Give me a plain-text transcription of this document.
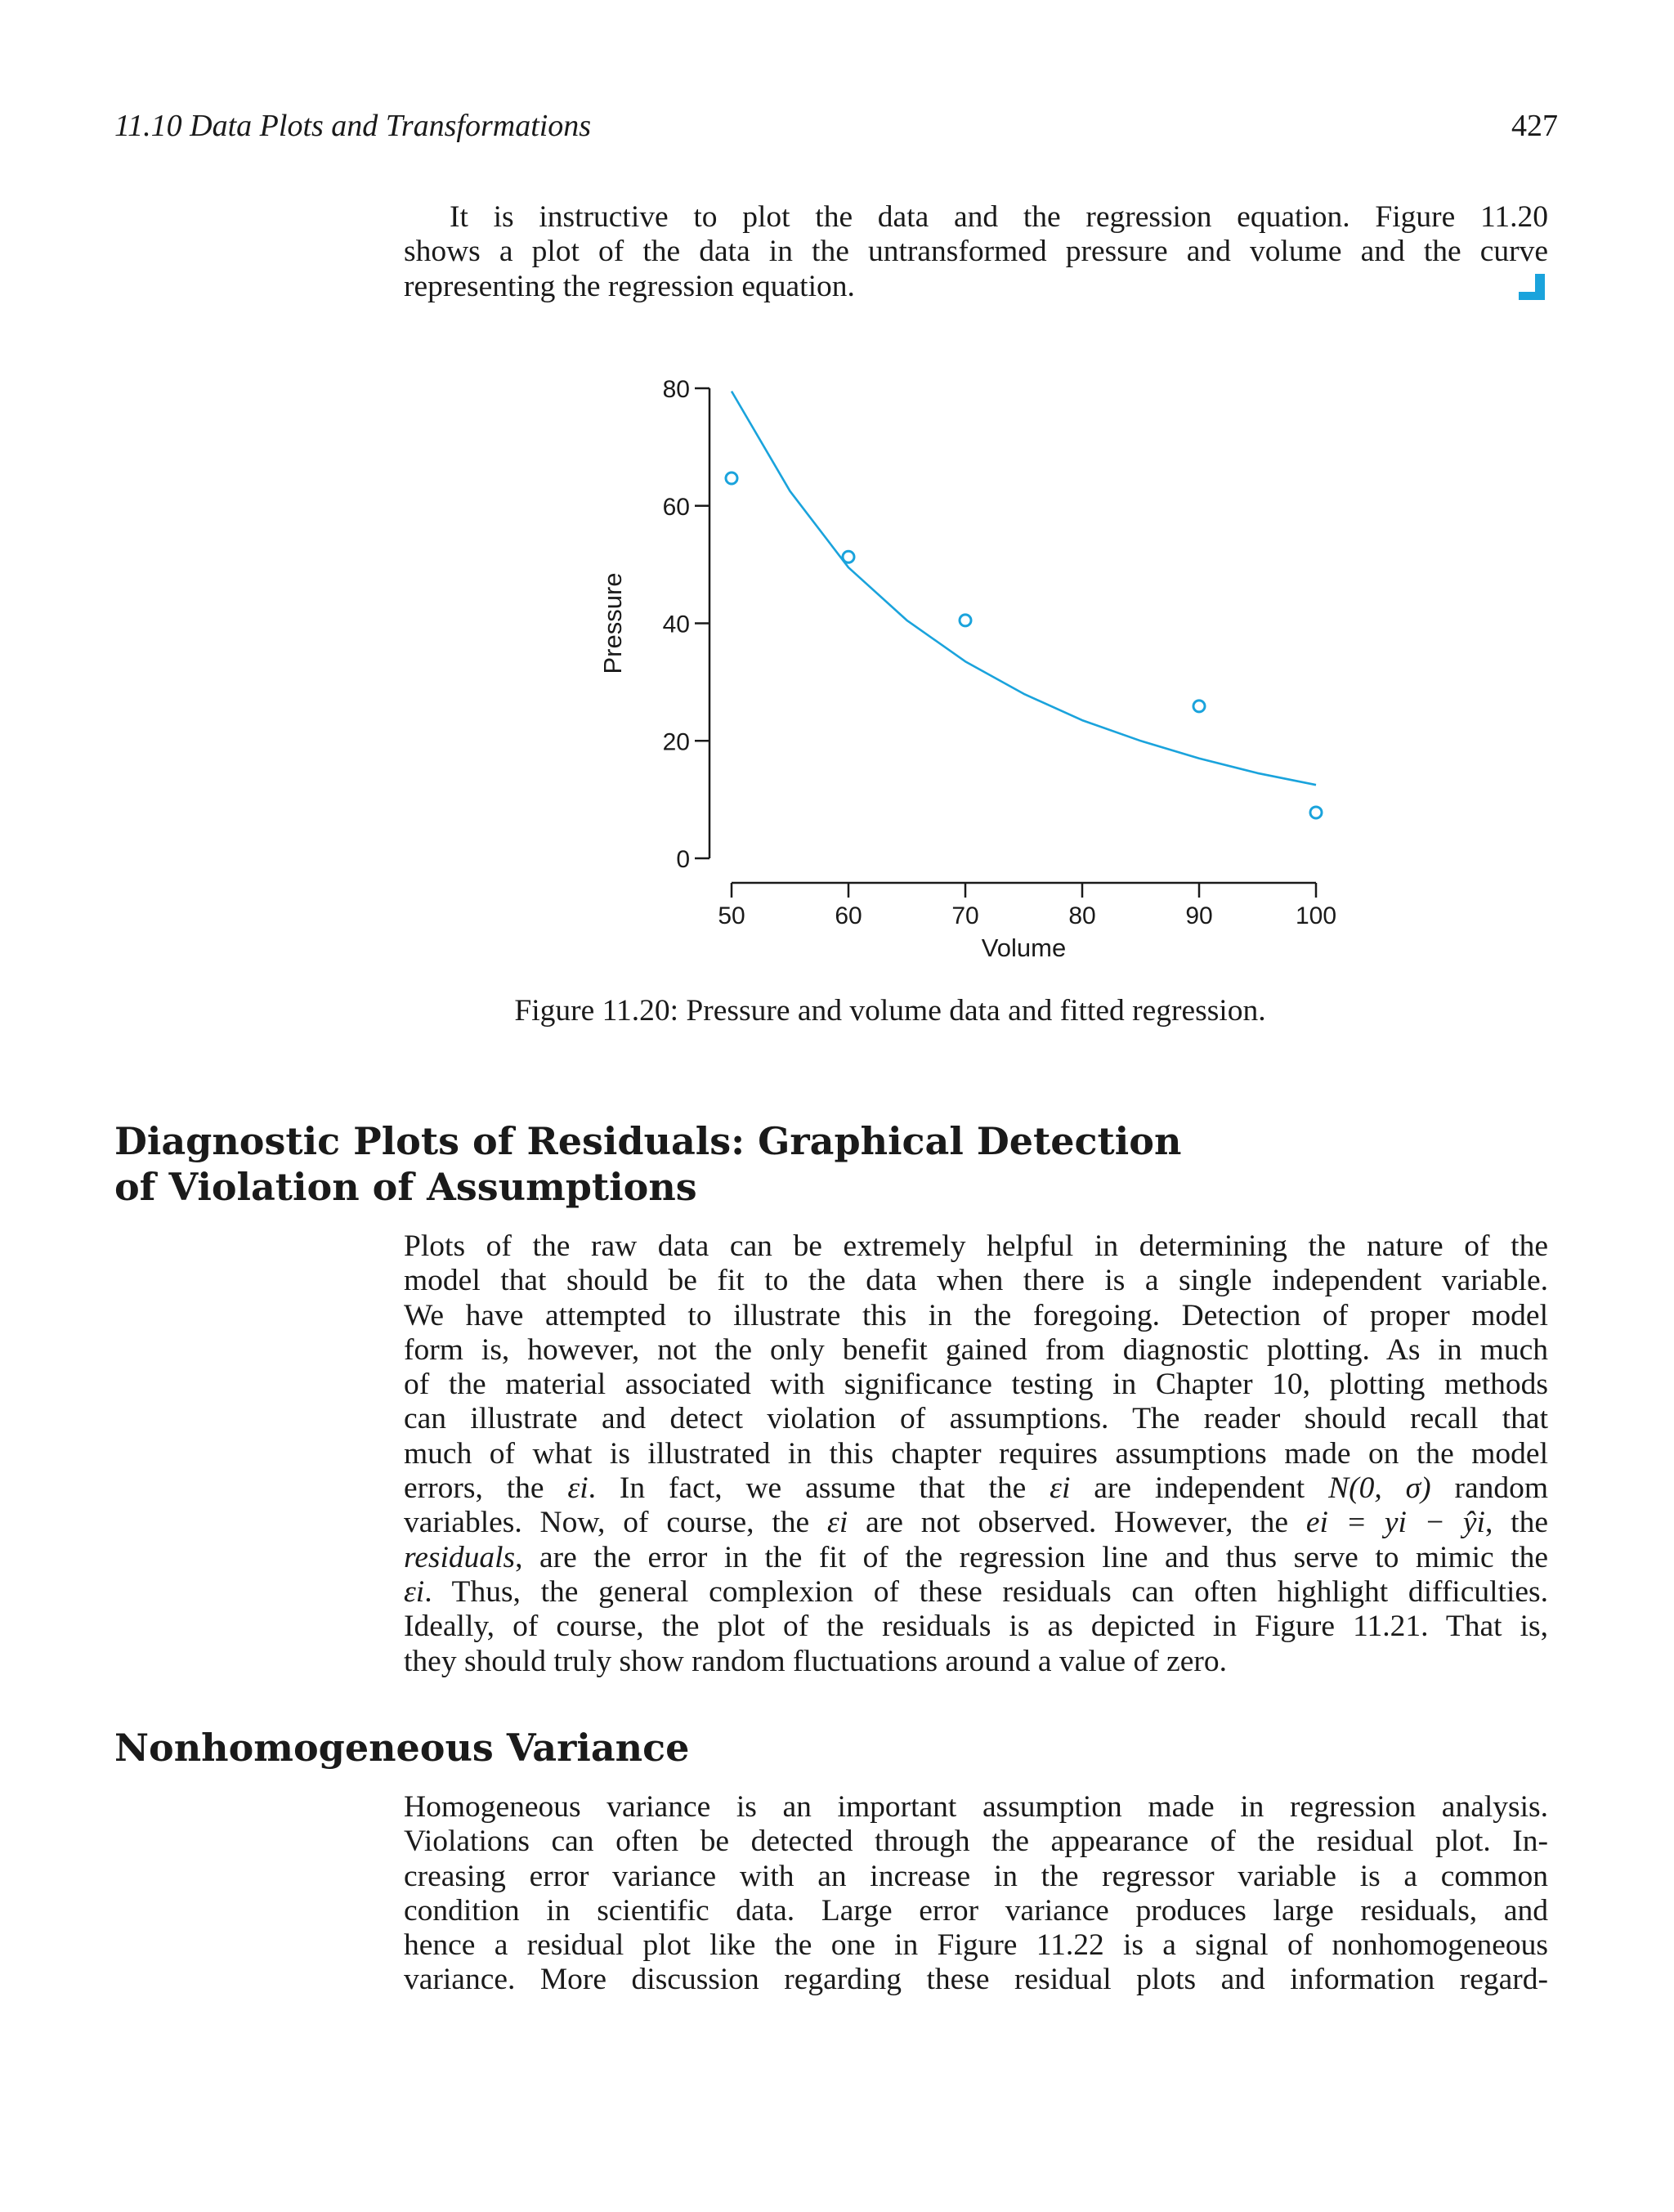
11.10 Data Plots and Transformations	427
It is instructive to plot the data and the regression equation. Figure 11.20
shows a plot of the data in the untransformed pressure and volume and the curve
representing the regression equation.
0
20
40
60
80
50	60	70	80	90	100
Volume
Pressure
Figure 11.20: Pressure and volume data and fitted regression.
Diagnostic Plots of Residuals: Graphical Detection
of Violation of Assumptions
Plots of the raw data can be extremely helpful in determining the nature of the
model that should be fit to the data when there is a single independent variable.
We have attempted to illustrate this in the foregoing. Detection of proper model
form is, however, not the only benefit gained from diagnostic plotting. As in much
of the material associated with significance testing in Chapter 10, plotting methods
can illustrate and detect violation of assumptions. The reader should recall that
much of what is illustrated in this chapter requires assumptions made on the model
errors, the εi. In fact, we assume that the εi are independent N(0, σ) random
variables. Now, of course, the εi are not observed. However, the ei = yi − ŷi, the
residuals, are the error in the fit of the regression line and thus serve to mimic the
εi. Thus, the general complexion of these residuals can often highlight difficulties.
Ideally, of course, the plot of the residuals is as depicted in Figure 11.21. That is,
they should truly show random fluctuations around a value of zero.
Nonhomogeneous Variance
Homogeneous variance is an important assumption made in regression analysis.
Violations can often be detected through the appearance of the residual plot. In-
creasing error variance with an increase in the regressor variable is a common
condition in scientific data. Large error variance produces large residuals, and
hence a residual plot like the one in Figure 11.22 is a signal of nonhomogeneous
variance. More discussion regarding these residual plots and information regard-
